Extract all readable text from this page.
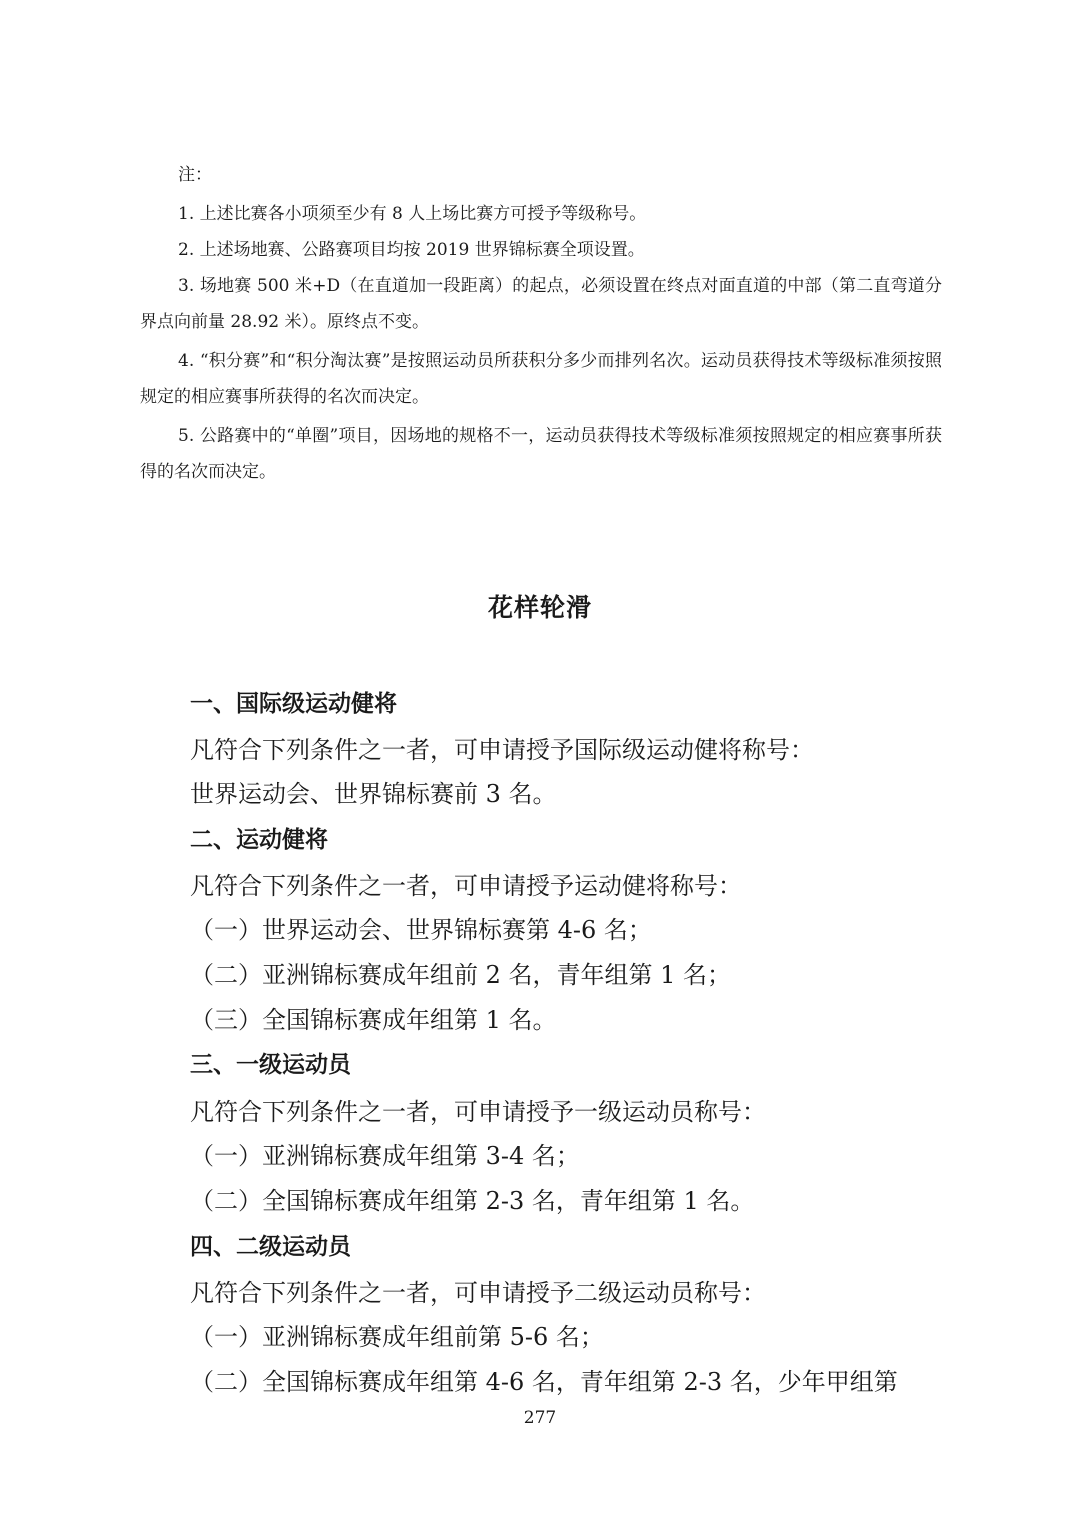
注：
1. 上述比赛各小项须至少有 8 人上场比赛方可授予等级称号。
2. 上述场地赛、公路赛项目均按 2019 世界锦标赛全项设置。
3. 场地赛 500 米+D（在直道加一段距离）的起点，必须设置在终点对面直道的中部（第二直弯道分界点向前量 28.92 米）。原终点不变。
4. “积分赛”和“积分淘汰赛”是按照运动员所获积分多少而排列名次。运动员获得技术等级标准须按照规定的相应赛事所获得的名次而决定。
5. 公路赛中的“单圈”项目，因场地的规格不一，运动员获得技术等级标准须按照规定的相应赛事所获得的名次而决定。
花样轮滑
一、国际级运动健将
凡符合下列条件之一者，可申请授予国际级运动健将称号：
世界运动会、世界锦标赛前 3 名。
二、运动健将
凡符合下列条件之一者，可申请授予运动健将称号：
（一）世界运动会、世界锦标赛第 4-6 名；
（二）亚洲锦标赛成年组前 2 名，青年组第 1 名；
（三）全国锦标赛成年组第 1 名。
三、一级运动员
凡符合下列条件之一者，可申请授予一级运动员称号：
（一）亚洲锦标赛成年组第 3-4 名；
（二）全国锦标赛成年组第 2-3 名，青年组第 1 名。
四、二级运动员
凡符合下列条件之一者，可申请授予二级运动员称号：
（一）亚洲锦标赛成年组前第 5-6 名；
（二）全国锦标赛成年组第 4-6 名，青年组第 2-3 名，少年甲组第
277
